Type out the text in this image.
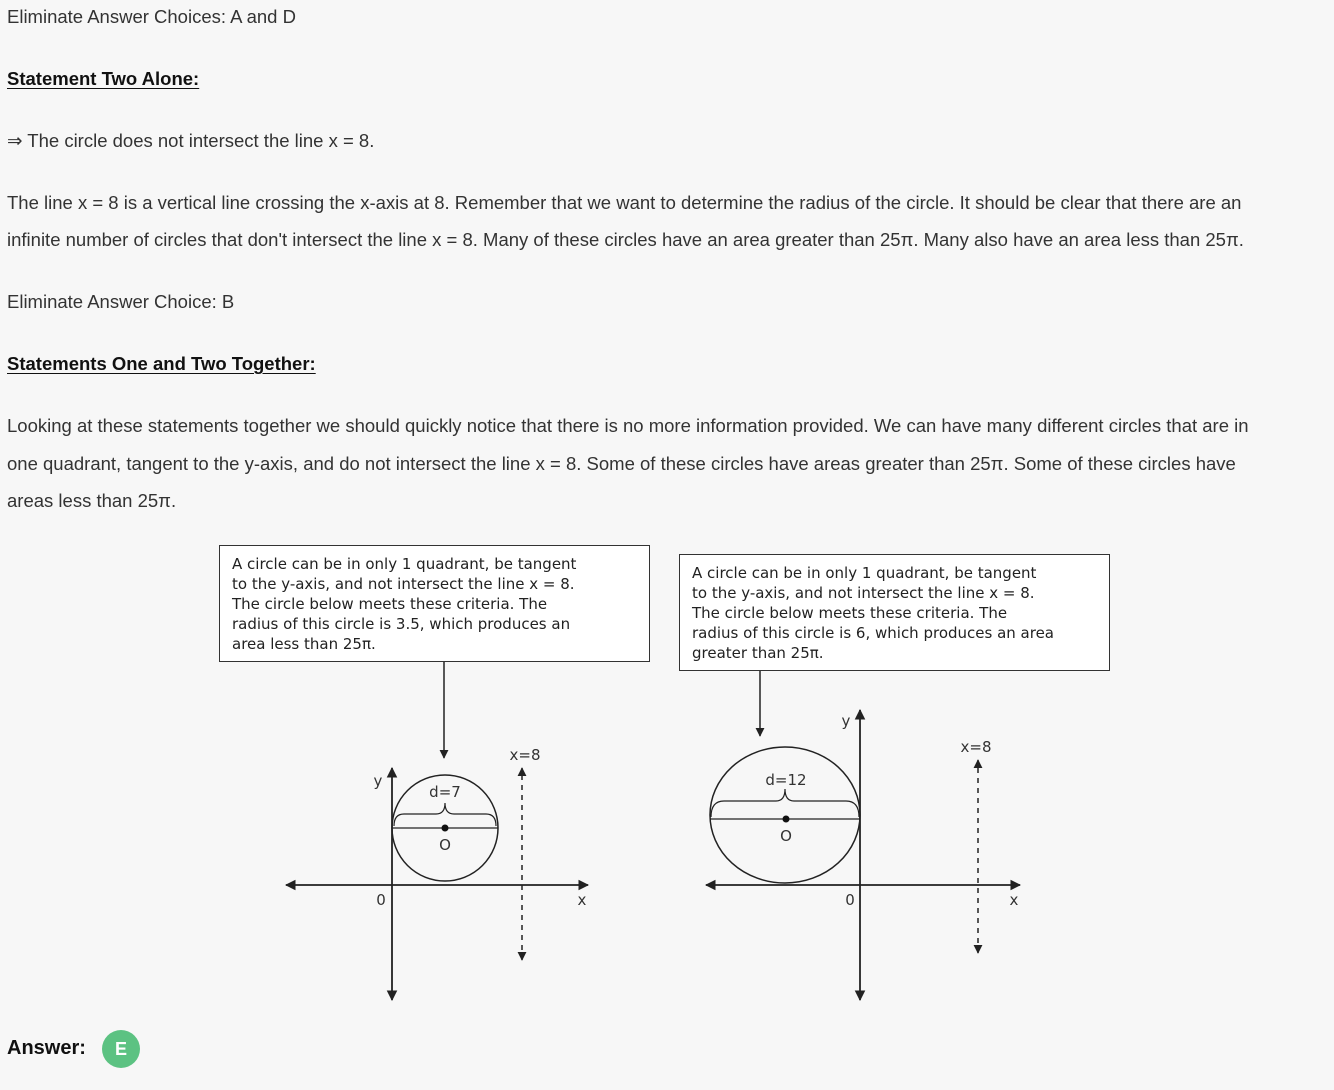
Eliminate Answer Choices: A and D

Statement Two Alone:

⇒ The circle does not intersect the line x = 8.

The line x = 8 is a vertical line crossing the x-axis at 8. Remember that we want to determine the radius of the circle. It should be clear that there are an

infinite number of circles that don't intersect the line x = 8. Many of these circles have an area greater than 25π. Many also have an area less than 25π.

Eliminate Answer Choice: B

Statements One and Two Together:

Looking at these statements together we should quickly notice that there is no more information provided. We can have many different circles that are in

one quadrant, tangent to the y-axis, and do not intersect the line x = 8. Some of these circles have areas greater than 25π. Some of these circles have

areas less than 25π.

A circle can be in only 1 quadrant, be tangent
to the y-axis, and not intersect the line x = 8.
The circle below meets these criteria. The
radius of this circle is 3.5, which produces an
area less than 25π.
A circle can be in only 1 quadrant, be tangent
to the y-axis, and not intersect the line x = 8.
The circle below meets these criteria. The
radius of this circle is 6, which produces an area
greater than 25π.
d=7
O
y
x
0
x=8
d=12
O
y
x
0
x=8
Answer:	E
